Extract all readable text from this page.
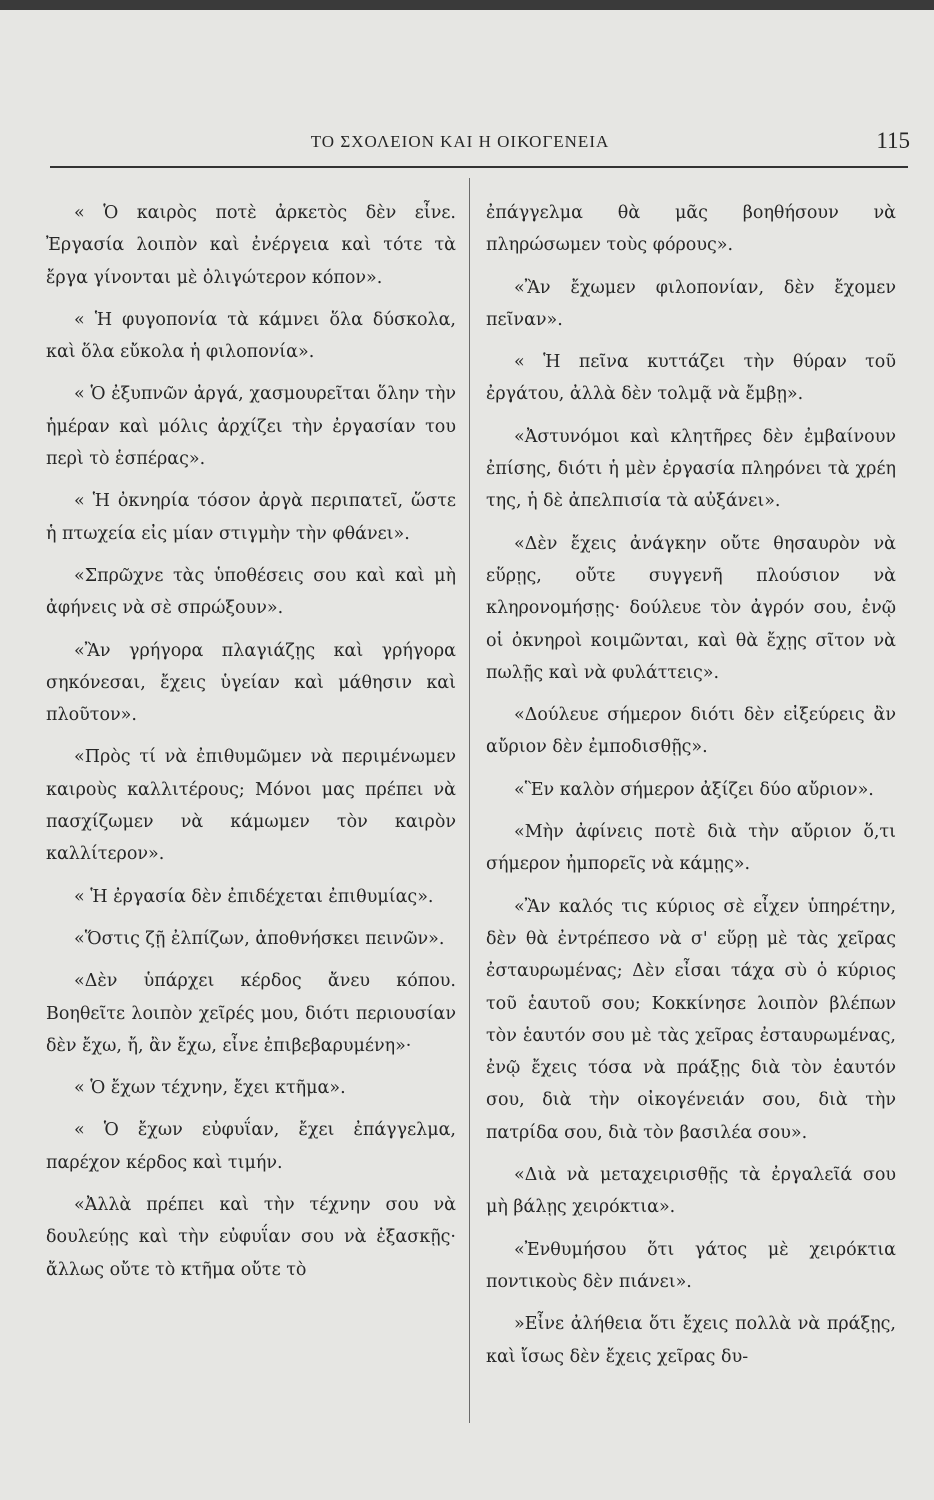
ΤΟ ΣΧΟΛΕΙΟΝ ΚΑΙ Η ΟΙΚΟΓΕΝΕΙΑ	115

« Ὁ καιρὸς ποτὲ ἀρκετὸς δὲν εἶνε. Ἐργασία λοιπὸν καὶ ἐνέργεια καὶ τότε τὰ ἔργα γίνονται μὲ ὀλιγώτερον κόπον».

« Ἡ φυγοπονία τὰ κάμνει ὅλα δύσκολα, καὶ ὅλα εὔκολα ἡ φιλοπονία».

« Ὁ ἐξυπνῶν ἀργά, χασμουρεῖται ὅλην τὴν ἡμέραν καὶ μόλις ἀρχίζει τὴν ἐργασίαν του περὶ τὸ ἑσπέρας».

« Ἡ ὀκνηρία τόσον ἀργὰ περιπατεῖ, ὥστε ἡ πτωχεία εἰς μίαν στιγμὴν τὴν φθάνει».

«Σπρῶχνε τὰς ὑποθέσεις σου καὶ καὶ μὴ ἀφήνεις νὰ σὲ σπρώξουν».

«Ἂν γρήγορα πλαγιάζῃς καὶ γρήγορα σηκόνεσαι, ἔχεις ὑγείαν καὶ μάθησιν καὶ πλοῦτον».

«Πρὸς τί νὰ ἐπιθυμῶμεν νὰ περιμένωμεν καιροὺς καλλιτέρους; Μόνοι μας πρέπει νὰ πασχίζωμεν νὰ κάμωμεν τὸν καιρὸν καλλίτερον».

« Ἡ ἐργασία δὲν ἐπιδέχεται ἐπιθυμίας».

«Ὅστις ζῇ ἐλπίζων, ἀποθνήσκει πεινῶν».

«Δὲν ὑπάρχει κέρδος ἄνευ κόπου. Βοηθεῖτε λοιπὸν χεῖρές μου, διότι περιουσίαν δὲν ἔχω, ἤ, ἂν ἔχω, εἶνε ἐπιβεβαρυμένη»·

« Ὁ ἔχων τέχνην, ἔχει κτῆμα».

« Ὁ ἔχων εὐφυΐαν, ἔχει ἐπάγγελμα, παρέχον κέρδος καὶ τιμήν.

«Ἀλλὰ πρέπει καὶ τὴν τέχνην σου νὰ δουλεύῃς καὶ τὴν εὐφυΐαν σου νὰ ἐξασκῇς· ἄλλως οὔτε τὸ κτῆμα οὔτε τὸ

ἐπάγγελμα θὰ μᾶς βοηθήσουν νὰ πληρώσωμεν τοὺς φόρους».

«Ἂν ἔχωμεν φιλοπονίαν, δὲν ἔχομεν πεῖναν».

« Ἡ πεῖνα κυττάζει τὴν θύραν τοῦ ἐργάτου, ἀλλὰ δὲν τολμᾷ νὰ ἔμβῃ».

«Ἀστυνόμοι καὶ κλητῆρες δὲν ἐμβαίνουν ἐπίσης, διότι ἡ μὲν ἐργασία πληρόνει τὰ χρέη της, ἡ δὲ ἀπελπισία τὰ αὐξάνει».

«Δὲν ἔχεις ἀνάγκην οὔτε θησαυρὸν νὰ εὕρῃς, οὔτε συγγενῆ πλούσιον νὰ κληρονομήσῃς· δούλευε τὸν ἀγρόν σου, ἐνῷ οἱ ὀκνηροὶ κοιμῶνται, καὶ θὰ ἔχῃς σῖτον νὰ πωλῇς καὶ νὰ φυλάττεις».

«Δούλευε σήμερον διότι δὲν εἰξεύρεις ἂν αὔριον δὲν ἐμποδισθῇς».

«Ἓν καλὸν σήμερον ἀξίζει δύο αὔριον».

«Μὴν ἀφίνεις ποτὲ διὰ τὴν αὔριον ὅ,τι σήμερον ἠμπορεῖς νὰ κάμῃς».

«Ἂν καλός τις κύριος σὲ εἶχεν ὑπηρέτην, δὲν θὰ ἐντρέπεσο νὰ σ' εὕρῃ μὲ τὰς χεῖρας ἐσταυρωμένας; Δὲν εἶσαι τάχα σὺ ὁ κύριος τοῦ ἑαυτοῦ σου; Κοκκίνησε λοιπὸν βλέπων τὸν ἑαυτόν σου μὲ τὰς χεῖρας ἐσταυρωμένας, ἐνῷ ἔχεις τόσα νὰ πράξῃς διὰ τὸν ἑαυτόν σου, διὰ τὴν οἰκογένειάν σου, διὰ τὴν πατρίδα σου, διὰ τὸν βασιλέα σου».

«Διὰ νὰ μεταχειρισθῇς τὰ ἐργαλεῖά σου μὴ βάλῃς χειρόκτια».

«Ἐνθυμήσου ὅτι γάτος μὲ χειρόκτια ποντικοὺς δὲν πιάνει».

»Εἶνε ἀλήθεια ὅτι ἔχεις πολλὰ νὰ πράξῃς, καὶ ἴσως δὲν ἔχεις χεῖρας δυ-
